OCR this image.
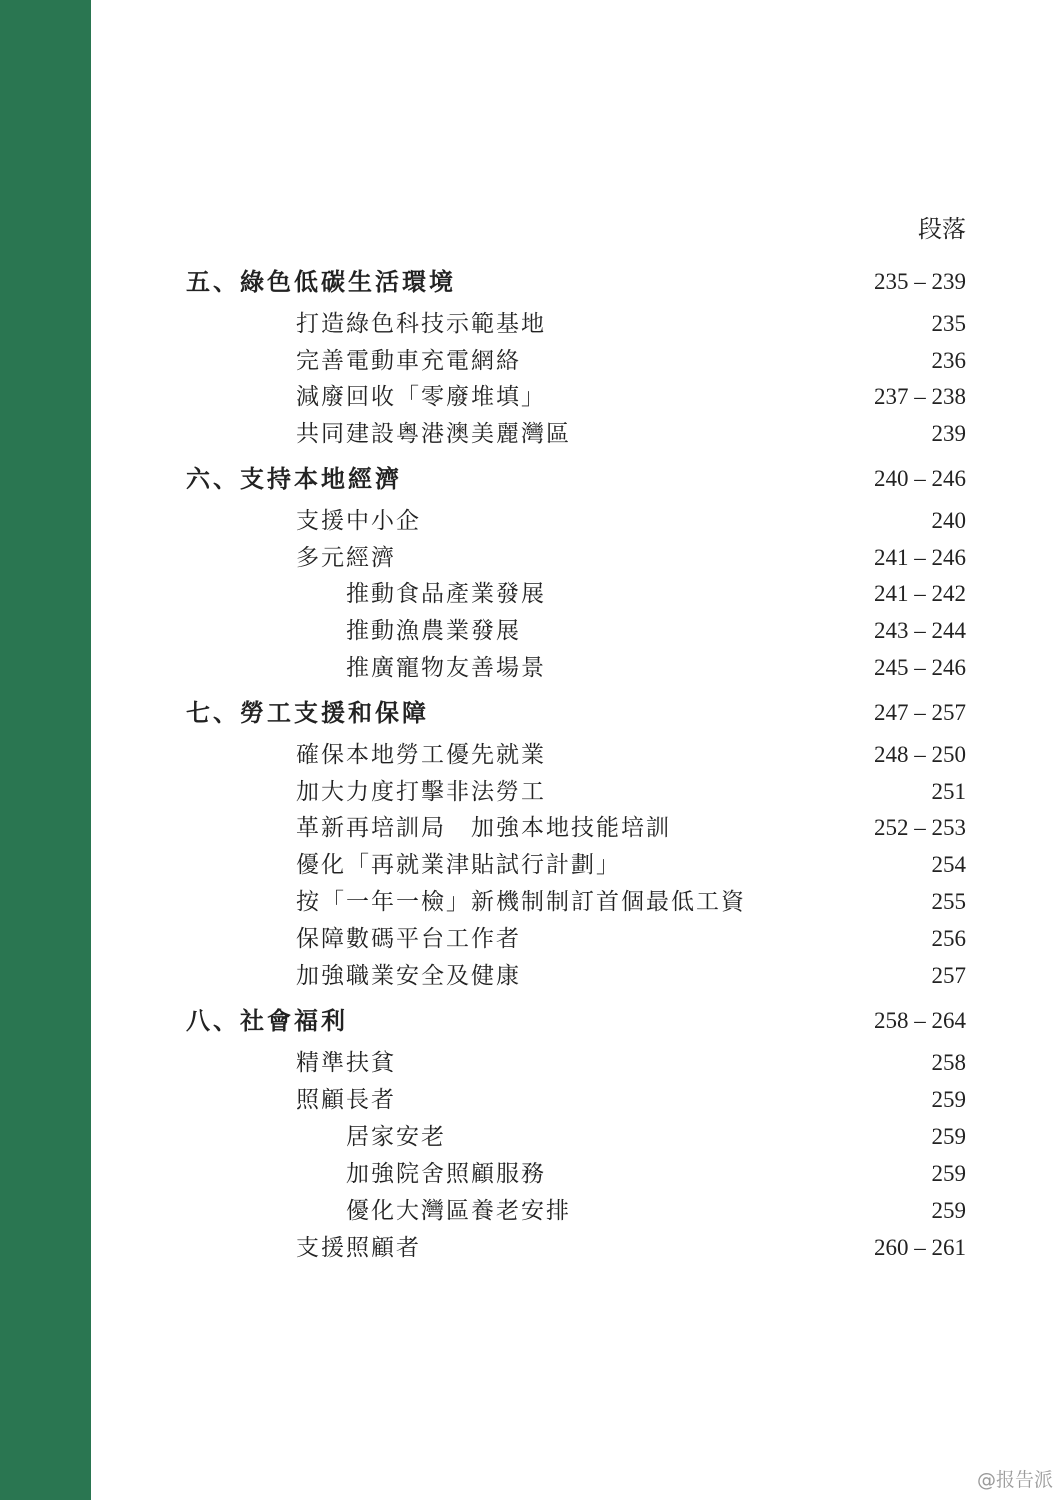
段落
五、綠色低碳生活環境	235 – 239
打造綠色科技示範基地	235
完善電動車充電網絡	236
減廢回收「零廢堆填」	237 – 238
共同建設粵港澳美麗灣區	239
六、支持本地經濟	240 – 246
支援中小企	240
多元經濟	241 – 246
推動食品產業發展	241 – 242
推動漁農業發展	243 – 244
推廣寵物友善場景	245 – 246
七、勞工支援和保障	247 – 257
確保本地勞工優先就業	248 – 250
加大力度打擊非法勞工	251
革新再培訓局　加強本地技能培訓	252 – 253
優化「再就業津貼試行計劃」	254
按「一年一檢」新機制制訂首個最低工資	255
保障數碼平台工作者	256
加強職業安全及健康	257
八、社會福利	258 – 264
精準扶貧	258
照顧長者	259
居家安老	259
加強院舍照顧服務	259
優化大灣區養老安排	259
支援照顧者	260 – 261
@报告派
